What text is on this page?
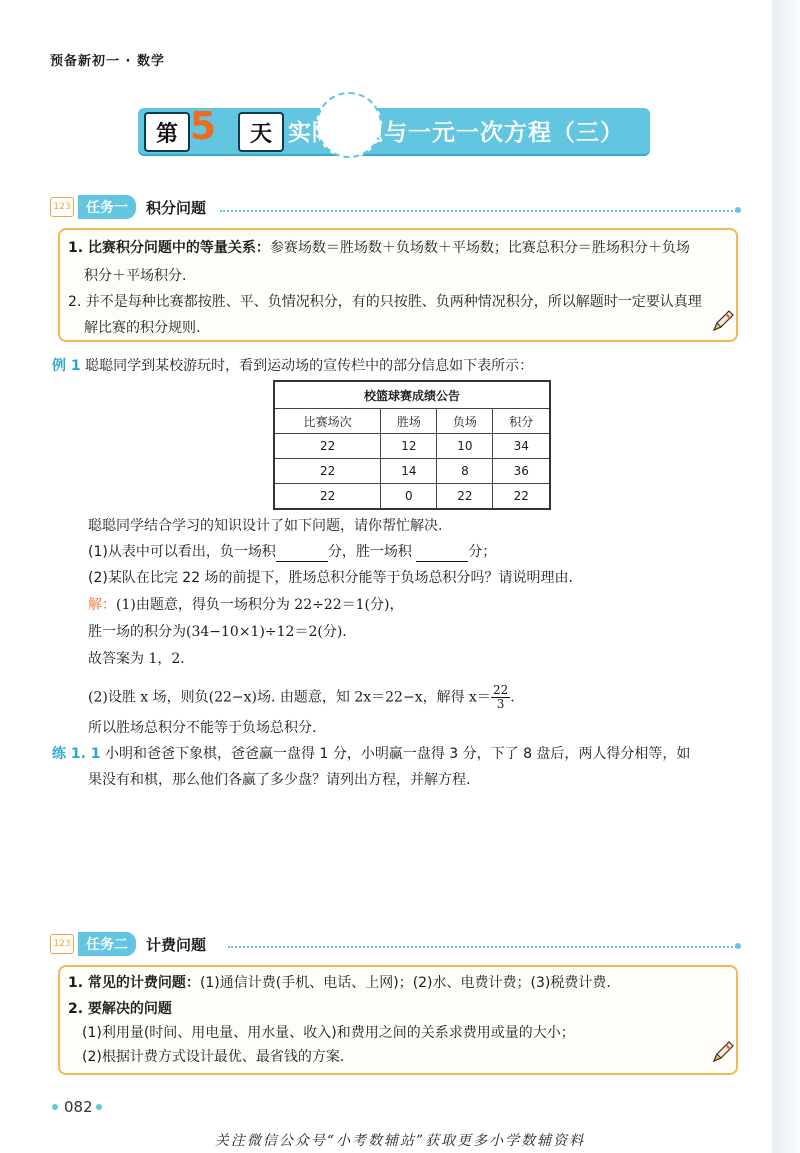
预备新初一 · 数学
第	天
5	实际问题与一元一次方程（三）
123	任务一	积分问题
1. 比赛积分问题中的等量关系：参赛场数＝胜场数＋负场数＋平场数；比赛总积分＝胜场积分＋负场
积分＋平场积分.
2. 并不是每种比赛都按胜、平、负情况积分，有的只按胜、负两种情况积分，所以解题时一定要认真理
解比赛的积分规则.
例 1 聪聪同学到某校游玩时，看到运动场的宣传栏中的部分信息如下表所示：
校篮球赛成绩公告			
比赛场次	胜场	负场	积分
22	12	10	34
22	14	8	36
22	0	22	22
聪聪同学结合学习的知识设计了如下问题，请你帮忙解决.
(1)从表中可以看出，负一场积	分，胜一场积	分；
(2)某队在比完 22 场的前提下，胜场总积分能等于负场总积分吗？请说明理由.
解：(1)由题意，得负一场积分为 22÷22＝1(分)，
胜一场的积分为(34−10×1)÷12＝2(分).
故答案为 1，2.
(2)设胜 x 场，则负(22−x)场. 由题意，知 2x＝22−x，解得 $x= \frac{22}{3}$ .
所以胜场总积分不能等于负场总积分.
练 1. 1 小明和爸爸下象棋，爸爸赢一盘得 1 分，小明赢一盘得 3 分，下了 8 盘后，两人得分相等，如
果没有和棋，那么他们各赢了多少盘？请列出方程，并解方程.
123	任务二	计费问题
1. 常见的计费问题：(1)通信计费(手机、电话、上网)；(2)水、电费计费；(3)税费计费.
2. 要解决的问题
(1)利用量(时间、用电量、用水量、收入)和费用之间的关系求费用或量的大小；
(2)根据计费方式设计最优、最省钱的方案.
082
关注微信公众号“小考数辅站”获取更多小学数辅资料
